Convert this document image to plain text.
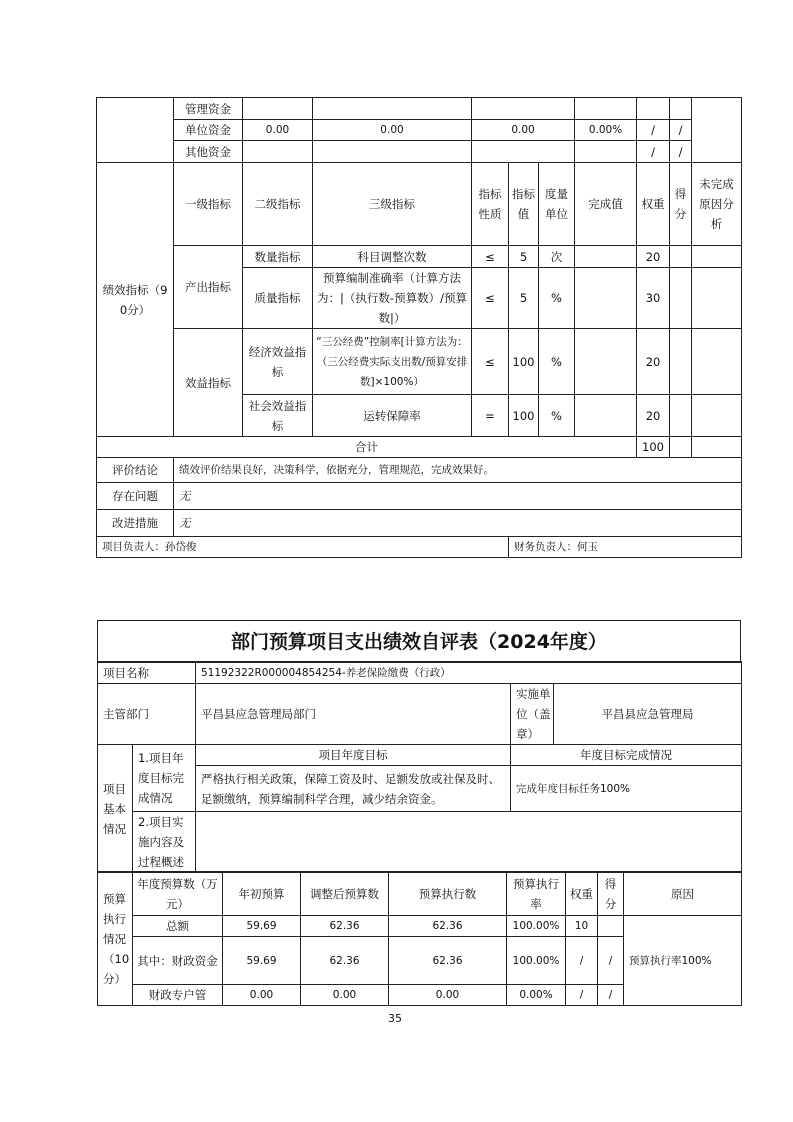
	管理资金									
	单位资金	0.00	0.00	0.00			0.00%	/	/	
	其他资金							/	/	
绩效指标（90分）	一级指标	二级指标	三级指标	指标性质	指标值	度量单位	完成值	权重	得分	未完成原因分析
	产出指标	数量指标	科目调整次数	≤	5	次		20		
		质量指标	预算编制准确率（计算方法为：|（执行数-预算数）/预算数|）	≤	5	%		30		
	效益指标	经济效益指标	“三公经费”控制率[计算方法为：（三公经费实际支出数/预算安排数]×100%）	≤	100	%		20		
		社会效益指标	运转保障率	=	100	%		20		
合计								100		
评价结论	绩效评价结果良好，决策科学，依据充分，管理规范，完成效果好。									
存在问题	无									
改进措施	无									
项目负责人：孙岱俊					财务负责人：何玉					
部门预算项目支出绩效自评表（2024年度）
项目名称	51192322R000004854254-养老保险缴费（行政）		
主管部门	平昌县应急管理局部门	实施单位（盖章）	平昌县应急管理局
项目基本情况	1.项目年度目标完成情况	项目年度目标	年度目标完成情况
		严格执行相关政策，保障工资及时、足额发放或社保及时、足额缴纳，预算编制科学合理，减少结余资金。	完成年度目标任务100%
	2.项目实施内容及过程概述		
预算执行情况（10分）	年度预算数（万元）	年初预算	调整后预算数	预算执行数	预算执行率	权重	得分	原因
	总额	59.69	62.36	62.36	100.00%	10		预算执行率100%
	其中：财政资金	59.69	62.36	62.36	100.00%	/	/	
	财政专户管	0.00	0.00	0.00	0.00%	/	/	
35
